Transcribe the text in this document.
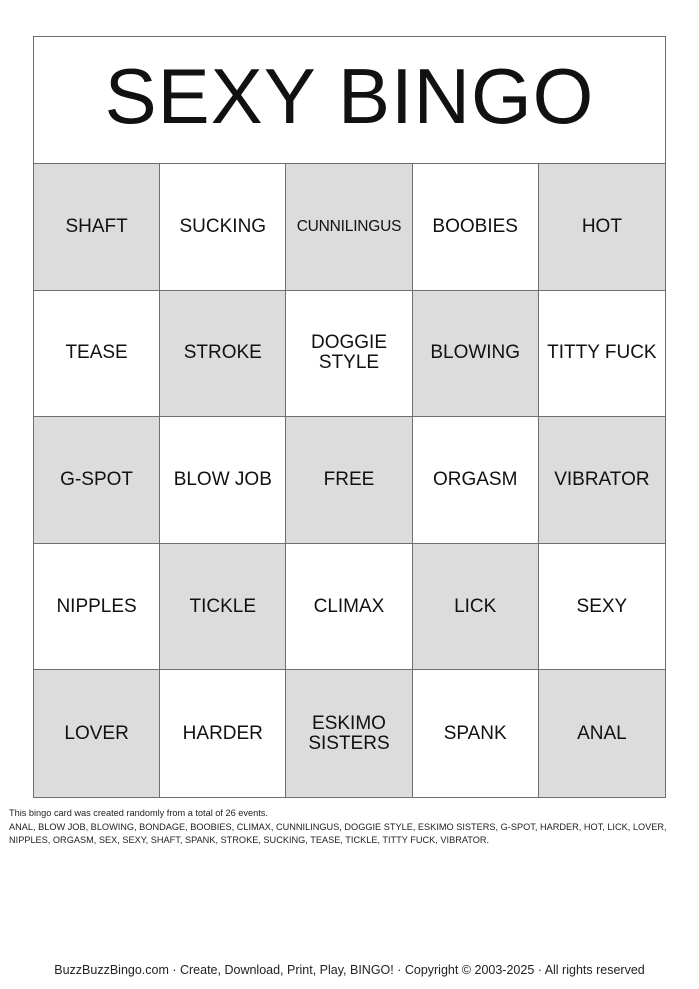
SEXY BINGO
SHAFT	SUCKING	CUNNILINGUS	BOOBIES	HOT
TEASE	STROKE	DOGGIE STYLE	BLOWING	TITTY FUCK
G-SPOT	BLOW JOB	FREE	ORGASM	VIBRATOR
NIPPLES	TICKLE	CLIMAX	LICK	SEXY
LOVER	HARDER	ESKIMO SISTERS	SPANK	ANAL

This bingo card was created randomly from a total of 26 events.

ANAL, BLOW JOB, BLOWING, BONDAGE, BOOBIES, CLIMAX, CUNNILINGUS, DOGGIE STYLE, ESKIMO SISTERS, G-SPOT, HARDER, HOT, LICK, LOVER, NIPPLES, ORGASM, SEX, SEXY, SHAFT, SPANK, STROKE, SUCKING, TEASE, TICKLE, TITTY FUCK, VIBRATOR.

BuzzBuzzBingo.com · Create, Download, Print, Play, BINGO! · Copyright © 2003-2025 · All rights reserved
